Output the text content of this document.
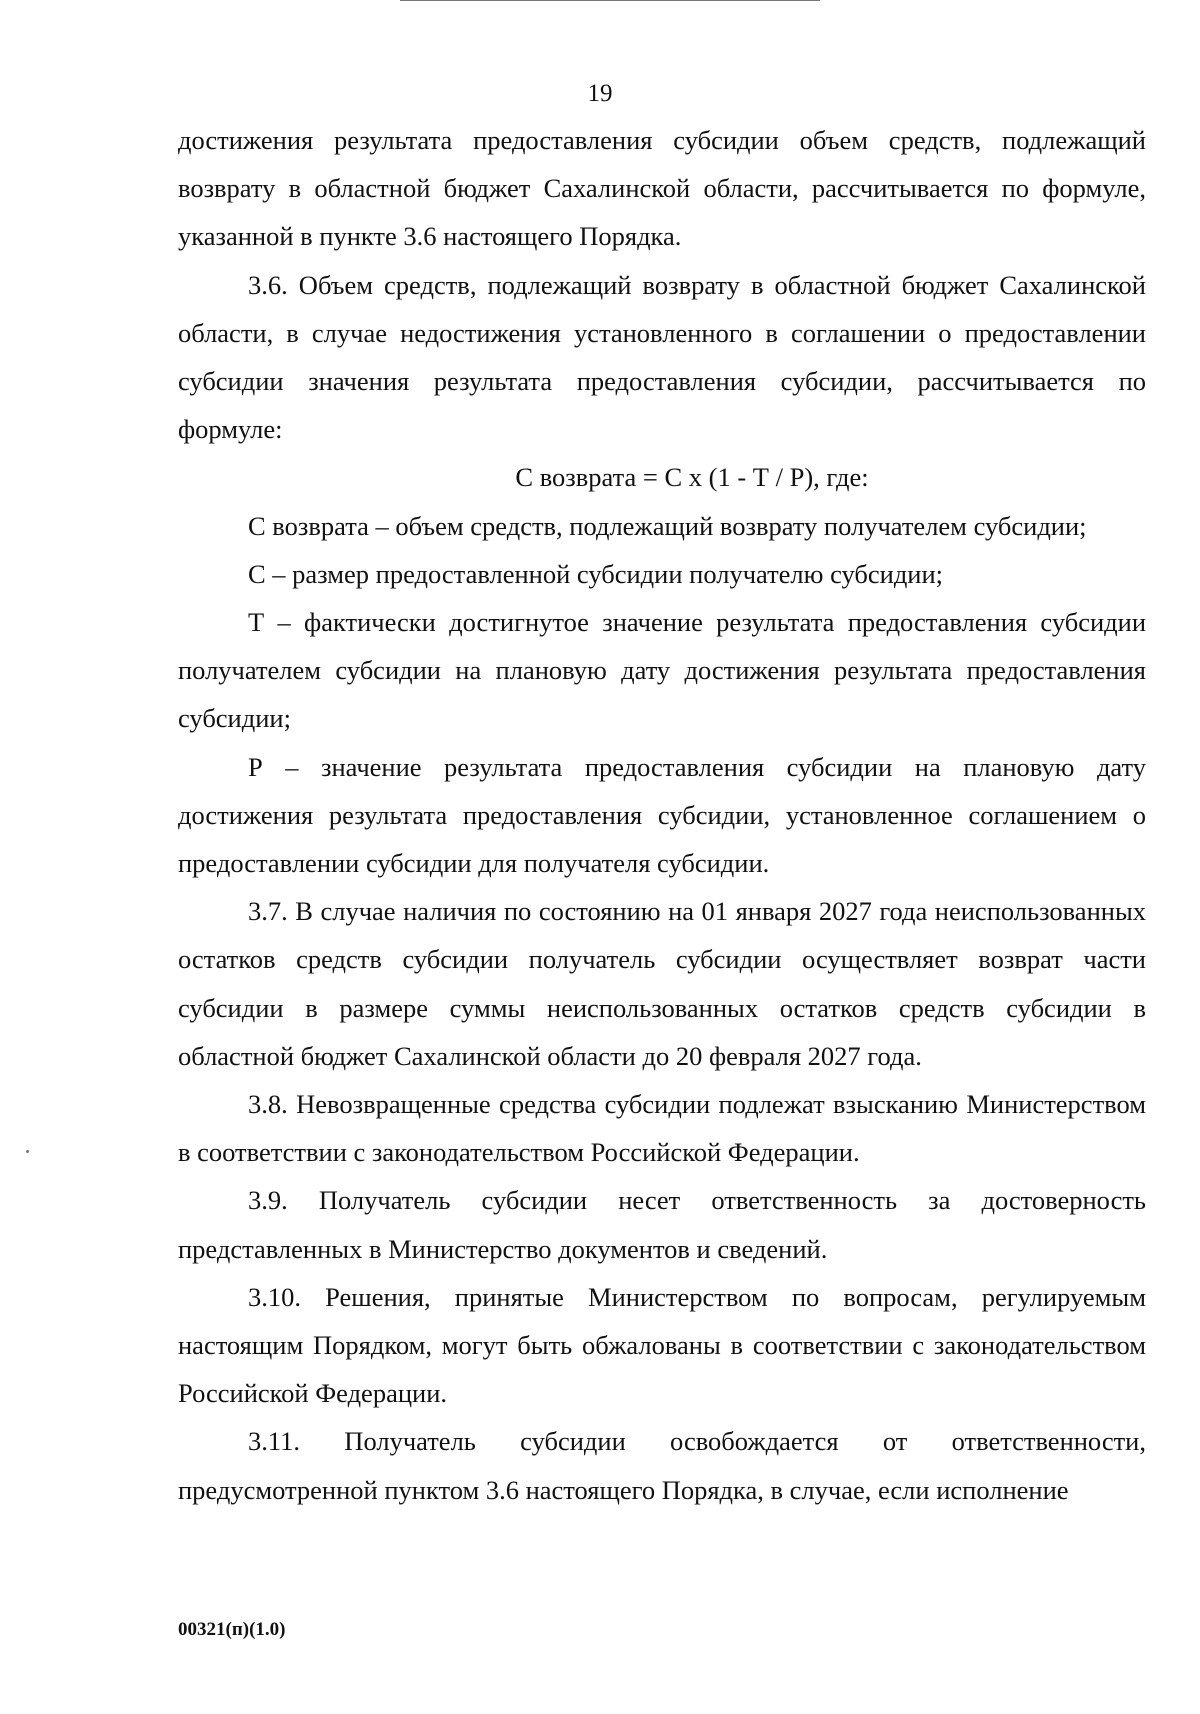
19

достижения результата предоставления субсидии объем средств, подлежащий возврату в областной бюджет Сахалинской области, рассчитывается по формуле, указанной в пункте 3.6 настоящего Порядка.

3.6. Объем средств, подлежащий возврату в областной бюджет Сахалинской области, в случае недостижения установленного в соглашении о предоставлении субсидии значения результата предоставления субсидии, рассчитывается по формуле:

С возврата = С x (1 - Т / Р), где:

С возврата – объем средств, подлежащий возврату получателем субсидии;

С – размер предоставленной субсидии получателю субсидии;

Т – фактически достигнутое значение результата предоставления субсидии получателем субсидии на плановую дату достижения результата предоставления субсидии;

Р – значение результата предоставления субсидии на плановую дату достижения результата предоставления субсидии, установленное соглашением о предоставлении субсидии для получателя субсидии.

3.7. В случае наличия по состоянию на 01 января 2027 года неиспользованных остатков средств субсидии получатель субсидии осуществляет возврат части субсидии в размере суммы неиспользованных остатков средств субсидии в областной бюджет Сахалинской области до 20 февраля 2027 года.

3.8. Невозвращенные средства субсидии подлежат взысканию Министерством в соответствии с законодательством Российской Федерации.

3.9. Получатель субсидии несет ответственность за достоверность представленных в Министерство документов и сведений.

3.10. Решения, принятые Министерством по вопросам, регулируемым настоящим Порядком, могут быть обжалованы в соответствии с законодательством Российской Федерации.

3.11. Получатель субсидии освобождается от ответственности, предусмотренной пунктом 3.6 настоящего Порядка, в случае, если исполнение

00321(п)(1.0)
